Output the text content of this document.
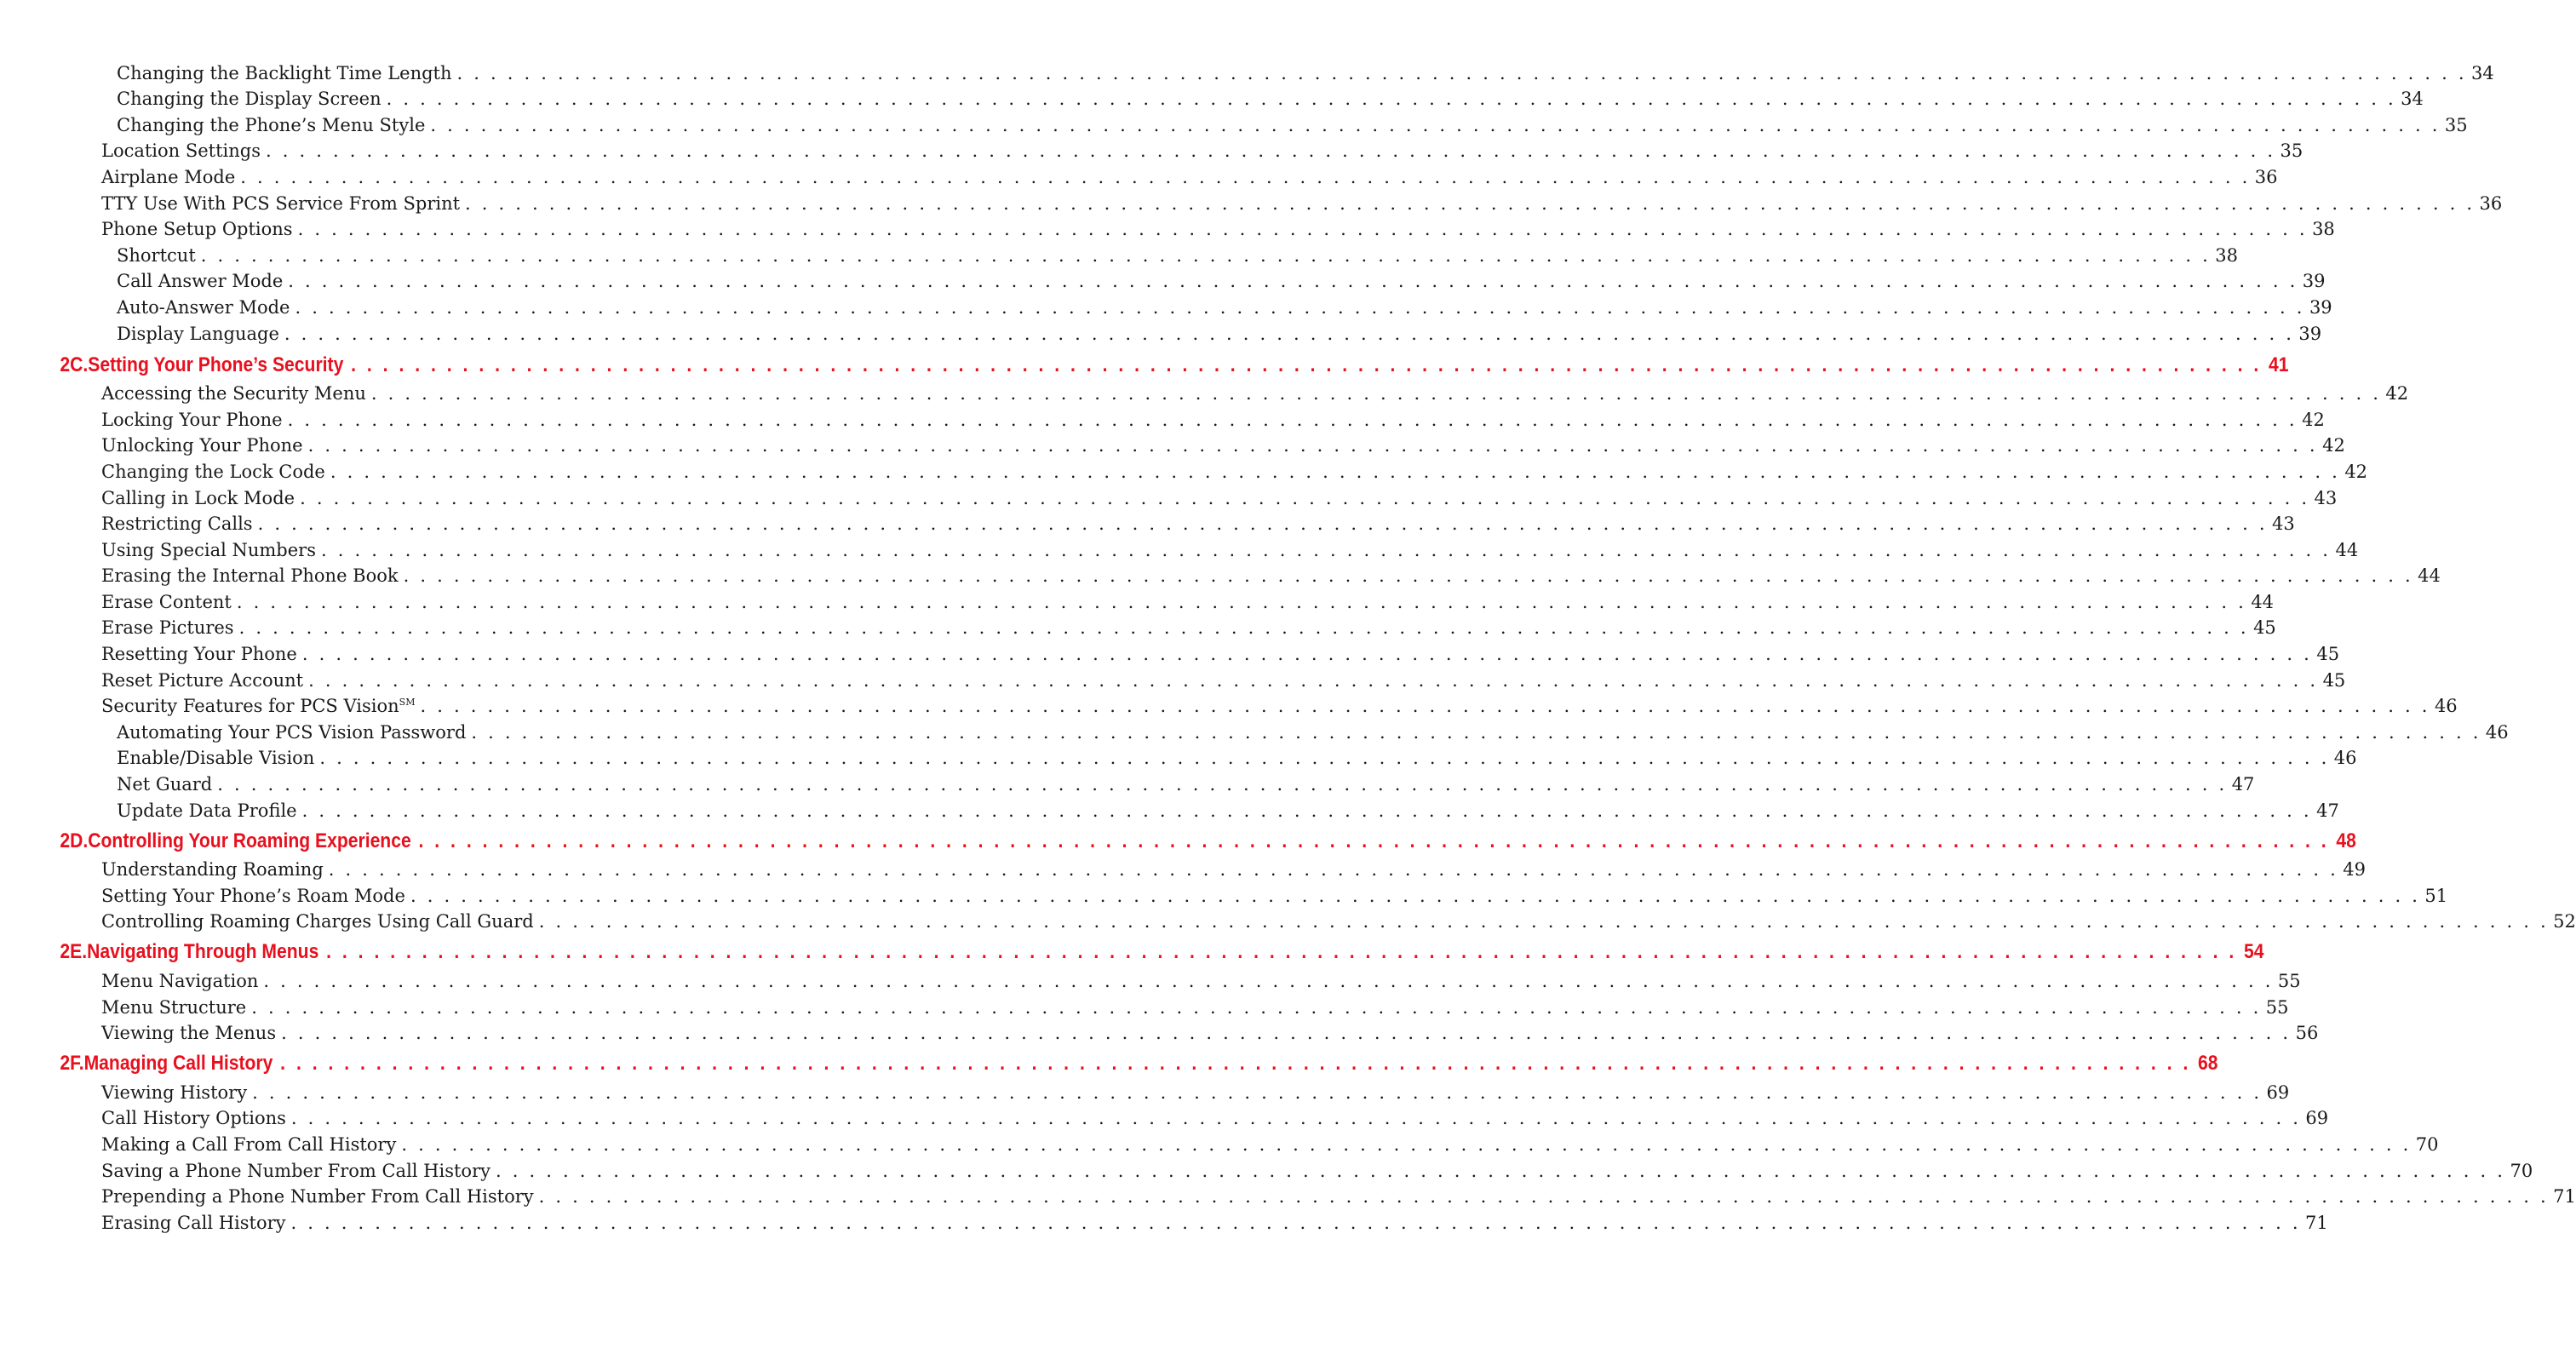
Changing the Backlight Time Length . . . . . . . . . . . . . . . . . . . . . . . . . . . . . . . . . . . . . . . . . . . . . . . . . . . . . . . . . . . . . . . . . . . . . . . . . . . . . . . . . . . . . . . . . . . . . . . . . . . . . . . . . . . . . . . . . . . . . . . . 34
Changing the Display Screen . . . . . . . . . . . . . . . . . . . . . . . . . . . . . . . . . . . . . . . . . . . . . . . . . . . . . . . . . . . . . . . . . . . . . . . . . . . . . . . . . . . . . . . . . . . . . . . . . . . . . . . . . . . . . . . . . . . . . . . . 34
Changing the Phone’s Menu Style . . . . . . . . . . . . . . . . . . . . . . . . . . . . . . . . . . . . . . . . . . . . . . . . . . . . . . . . . . . . . . . . . . . . . . . . . . . . . . . . . . . . . . . . . . . . . . . . . . . . . . . . . . . . . . . . . . . . . . . . 35
Location Settings . . . . . . . . . . . . . . . . . . . . . . . . . . . . . . . . . . . . . . . . . . . . . . . . . . . . . . . . . . . . . . . . . . . . . . . . . . . . . . . . . . . . . . . . . . . . . . . . . . . . . . . . . . . . . . . . . . . . . . . . 35
Airplane Mode . . . . . . . . . . . . . . . . . . . . . . . . . . . . . . . . . . . . . . . . . . . . . . . . . . . . . . . . . . . . . . . . . . . . . . . . . . . . . . . . . . . . . . . . . . . . . . . . . . . . . . . . . . . . . . . . . . . . . . . . 36
TTY Use With PCS Service From Sprint . . . . . . . . . . . . . . . . . . . . . . . . . . . . . . . . . . . . . . . . . . . . . . . . . . . . . . . . . . . . . . . . . . . . . . . . . . . . . . . . . . . . . . . . . . . . . . . . . . . . . . . . . . . . . . . . . . . . . . . . 36
Phone Setup Options . . . . . . . . . . . . . . . . . . . . . . . . . . . . . . . . . . . . . . . . . . . . . . . . . . . . . . . . . . . . . . . . . . . . . . . . . . . . . . . . . . . . . . . . . . . . . . . . . . . . . . . . . . . . . . . . . . . . . . . . 38
Shortcut . . . . . . . . . . . . . . . . . . . . . . . . . . . . . . . . . . . . . . . . . . . . . . . . . . . . . . . . . . . . . . . . . . . . . . . . . . . . . . . . . . . . . . . . . . . . . . . . . . . . . . . . . . . . . . . . . . . . . . . . 38
Call Answer Mode . . . . . . . . . . . . . . . . . . . . . . . . . . . . . . . . . . . . . . . . . . . . . . . . . . . . . . . . . . . . . . . . . . . . . . . . . . . . . . . . . . . . . . . . . . . . . . . . . . . . . . . . . . . . . . . . . . . . . . . . 39
Auto-Answer Mode . . . . . . . . . . . . . . . . . . . . . . . . . . . . . . . . . . . . . . . . . . . . . . . . . . . . . . . . . . . . . . . . . . . . . . . . . . . . . . . . . . . . . . . . . . . . . . . . . . . . . . . . . . . . . . . . . . . . . . . . 39
Display Language . . . . . . . . . . . . . . . . . . . . . . . . . . . . . . . . . . . . . . . . . . . . . . . . . . . . . . . . . . . . . . . . . . . . . . . . . . . . . . . . . . . . . . . . . . . . . . . . . . . . . . . . . . . . . . . . . . . . . . . . 39
2C. Setting Your Phone’s Security . . . . . . . . . . . . . . . . . . . . . . . . . . . . . . . . . . . . . . . . . . . . . . . . . . . . . . . . . . . . . . . . . . . . . . . . . . . . . . . . . . . . . . . . . . . . . . . . . . . . . . . . . . . . . . . . . . . . . . . . 41
Accessing the Security Menu . . . . . . . . . . . . . . . . . . . . . . . . . . . . . . . . . . . . . . . . . . . . . . . . . . . . . . . . . . . . . . . . . . . . . . . . . . . . . . . . . . . . . . . . . . . . . . . . . . . . . . . . . . . . . . . . . . . . . . . . 42
Locking Your Phone . . . . . . . . . . . . . . . . . . . . . . . . . . . . . . . . . . . . . . . . . . . . . . . . . . . . . . . . . . . . . . . . . . . . . . . . . . . . . . . . . . . . . . . . . . . . . . . . . . . . . . . . . . . . . . . . . . . . . . . . 42
Unlocking Your Phone . . . . . . . . . . . . . . . . . . . . . . . . . . . . . . . . . . . . . . . . . . . . . . . . . . . . . . . . . . . . . . . . . . . . . . . . . . . . . . . . . . . . . . . . . . . . . . . . . . . . . . . . . . . . . . . . . . . . . . . . 42
Changing the Lock Code . . . . . . . . . . . . . . . . . . . . . . . . . . . . . . . . . . . . . . . . . . . . . . . . . . . . . . . . . . . . . . . . . . . . . . . . . . . . . . . . . . . . . . . . . . . . . . . . . . . . . . . . . . . . . . . . . . . . . . . . 42
Calling in Lock Mode . . . . . . . . . . . . . . . . . . . . . . . . . . . . . . . . . . . . . . . . . . . . . . . . . . . . . . . . . . . . . . . . . . . . . . . . . . . . . . . . . . . . . . . . . . . . . . . . . . . . . . . . . . . . . . . . . . . . . . . . 43
Restricting Calls . . . . . . . . . . . . . . . . . . . . . . . . . . . . . . . . . . . . . . . . . . . . . . . . . . . . . . . . . . . . . . . . . . . . . . . . . . . . . . . . . . . . . . . . . . . . . . . . . . . . . . . . . . . . . . . . . . . . . . . . 43
Using Special Numbers . . . . . . . . . . . . . . . . . . . . . . . . . . . . . . . . . . . . . . . . . . . . . . . . . . . . . . . . . . . . . . . . . . . . . . . . . . . . . . . . . . . . . . . . . . . . . . . . . . . . . . . . . . . . . . . . . . . . . . . . 44
Erasing the Internal Phone Book . . . . . . . . . . . . . . . . . . . . . . . . . . . . . . . . . . . . . . . . . . . . . . . . . . . . . . . . . . . . . . . . . . . . . . . . . . . . . . . . . . . . . . . . . . . . . . . . . . . . . . . . . . . . . . . . . . . . . . . . 44
Erase Content . . . . . . . . . . . . . . . . . . . . . . . . . . . . . . . . . . . . . . . . . . . . . . . . . . . . . . . . . . . . . . . . . . . . . . . . . . . . . . . . . . . . . . . . . . . . . . . . . . . . . . . . . . . . . . . . . . . . . . . . 44
Erase Pictures . . . . . . . . . . . . . . . . . . . . . . . . . . . . . . . . . . . . . . . . . . . . . . . . . . . . . . . . . . . . . . . . . . . . . . . . . . . . . . . . . . . . . . . . . . . . . . . . . . . . . . . . . . . . . . . . . . . . . . . . 45
Resetting Your Phone . . . . . . . . . . . . . . . . . . . . . . . . . . . . . . . . . . . . . . . . . . . . . . . . . . . . . . . . . . . . . . . . . . . . . . . . . . . . . . . . . . . . . . . . . . . . . . . . . . . . . . . . . . . . . . . . . . . . . . . . 45
Reset Picture Account . . . . . . . . . . . . . . . . . . . . . . . . . . . . . . . . . . . . . . . . . . . . . . . . . . . . . . . . . . . . . . . . . . . . . . . . . . . . . . . . . . . . . . . . . . . . . . . . . . . . . . . . . . . . . . . . . . . . . . . . 45
Security Features for PCS Vision℠ . . . . . . . . . . . . . . . . . . . . . . . . . . . . . . . . . . . . . . . . . . . . . . . . . . . . . . . . . . . . . . . . . . . . . . . . . . . . . . . . . . . . . . . . . . . . . . . . . . . . . . . . . . . . . . . . . . . . . . . . 46
Automating Your PCS Vision Password . . . . . . . . . . . . . . . . . . . . . . . . . . . . . . . . . . . . . . . . . . . . . . . . . . . . . . . . . . . . . . . . . . . . . . . . . . . . . . . . . . . . . . . . . . . . . . . . . . . . . . . . . . . . . . . . . . . . . . . . 46
Enable/Disable Vision . . . . . . . . . . . . . . . . . . . . . . . . . . . . . . . . . . . . . . . . . . . . . . . . . . . . . . . . . . . . . . . . . . . . . . . . . . . . . . . . . . . . . . . . . . . . . . . . . . . . . . . . . . . . . . . . . . . . . . . . 46
Net Guard . . . . . . . . . . . . . . . . . . . . . . . . . . . . . . . . . . . . . . . . . . . . . . . . . . . . . . . . . . . . . . . . . . . . . . . . . . . . . . . . . . . . . . . . . . . . . . . . . . . . . . . . . . . . . . . . . . . . . . . . 47
Update Data Profile . . . . . . . . . . . . . . . . . . . . . . . . . . . . . . . . . . . . . . . . . . . . . . . . . . . . . . . . . . . . . . . . . . . . . . . . . . . . . . . . . . . . . . . . . . . . . . . . . . . . . . . . . . . . . . . . . . . . . . . . 47
2D. Controlling Your Roaming Experience . . . . . . . . . . . . . . . . . . . . . . . . . . . . . . . . . . . . . . . . . . . . . . . . . . . . . . . . . . . . . . . . . . . . . . . . . . . . . . . . . . . . . . . . . . . . . . . . . . . . . . . . . . . . . . . . . . . . . . . . 48
Understanding Roaming . . . . . . . . . . . . . . . . . . . . . . . . . . . . . . . . . . . . . . . . . . . . . . . . . . . . . . . . . . . . . . . . . . . . . . . . . . . . . . . . . . . . . . . . . . . . . . . . . . . . . . . . . . . . . . . . . . . . . . . . 49
Setting Your Phone’s Roam Mode . . . . . . . . . . . . . . . . . . . . . . . . . . . . . . . . . . . . . . . . . . . . . . . . . . . . . . . . . . . . . . . . . . . . . . . . . . . . . . . . . . . . . . . . . . . . . . . . . . . . . . . . . . . . . . . . . . . . . . . . 51
Controlling Roaming Charges Using Call Guard . . . . . . . . . . . . . . . . . . . . . . . . . . . . . . . . . . . . . . . . . . . . . . . . . . . . . . . . . . . . . . . . . . . . . . . . . . . . . . . . . . . . . . . . . . . . . . . . . . . . . . . . . . . . . . . . . . . . . . . . 52
2E. Navigating Through Menus . . . . . . . . . . . . . . . . . . . . . . . . . . . . . . . . . . . . . . . . . . . . . . . . . . . . . . . . . . . . . . . . . . . . . . . . . . . . . . . . . . . . . . . . . . . . . . . . . . . . . . . . . . . . . . . . . . . . . . . . 54
Menu Navigation . . . . . . . . . . . . . . . . . . . . . . . . . . . . . . . . . . . . . . . . . . . . . . . . . . . . . . . . . . . . . . . . . . . . . . . . . . . . . . . . . . . . . . . . . . . . . . . . . . . . . . . . . . . . . . . . . . . . . . . . 55
Menu Structure . . . . . . . . . . . . . . . . . . . . . . . . . . . . . . . . . . . . . . . . . . . . . . . . . . . . . . . . . . . . . . . . . . . . . . . . . . . . . . . . . . . . . . . . . . . . . . . . . . . . . . . . . . . . . . . . . . . . . . . . 55
Viewing the Menus . . . . . . . . . . . . . . . . . . . . . . . . . . . . . . . . . . . . . . . . . . . . . . . . . . . . . . . . . . . . . . . . . . . . . . . . . . . . . . . . . . . . . . . . . . . . . . . . . . . . . . . . . . . . . . . . . . . . . . . . 56
2F. Managing Call History . . . . . . . . . . . . . . . . . . . . . . . . . . . . . . . . . . . . . . . . . . . . . . . . . . . . . . . . . . . . . . . . . . . . . . . . . . . . . . . . . . . . . . . . . . . . . . . . . . . . . . . . . . . . . . . . . . . . . . . . 68
Viewing History . . . . . . . . . . . . . . . . . . . . . . . . . . . . . . . . . . . . . . . . . . . . . . . . . . . . . . . . . . . . . . . . . . . . . . . . . . . . . . . . . . . . . . . . . . . . . . . . . . . . . . . . . . . . . . . . . . . . . . . . 69
Call History Options . . . . . . . . . . . . . . . . . . . . . . . . . . . . . . . . . . . . . . . . . . . . . . . . . . . . . . . . . . . . . . . . . . . . . . . . . . . . . . . . . . . . . . . . . . . . . . . . . . . . . . . . . . . . . . . . . . . . . . . . 69
Making a Call From Call History . . . . . . . . . . . . . . . . . . . . . . . . . . . . . . . . . . . . . . . . . . . . . . . . . . . . . . . . . . . . . . . . . . . . . . . . . . . . . . . . . . . . . . . . . . . . . . . . . . . . . . . . . . . . . . . . . . . . . . . . 70
Saving a Phone Number From Call History . . . . . . . . . . . . . . . . . . . . . . . . . . . . . . . . . . . . . . . . . . . . . . . . . . . . . . . . . . . . . . . . . . . . . . . . . . . . . . . . . . . . . . . . . . . . . . . . . . . . . . . . . . . . . . . . . . . . . . . . 70
Prepending a Phone Number From Call History . . . . . . . . . . . . . . . . . . . . . . . . . . . . . . . . . . . . . . . . . . . . . . . . . . . . . . . . . . . . . . . . . . . . . . . . . . . . . . . . . . . . . . . . . . . . . . . . . . . . . . . . . . . . . . . . . . . . . . . . 71
Erasing Call History . . . . . . . . . . . . . . . . . . . . . . . . . . . . . . . . . . . . . . . . . . . . . . . . . . . . . . . . . . . . . . . . . . . . . . . . . . . . . . . . . . . . . . . . . . . . . . . . . . . . . . . . . . . . . . . . . . . . . . . . 71
